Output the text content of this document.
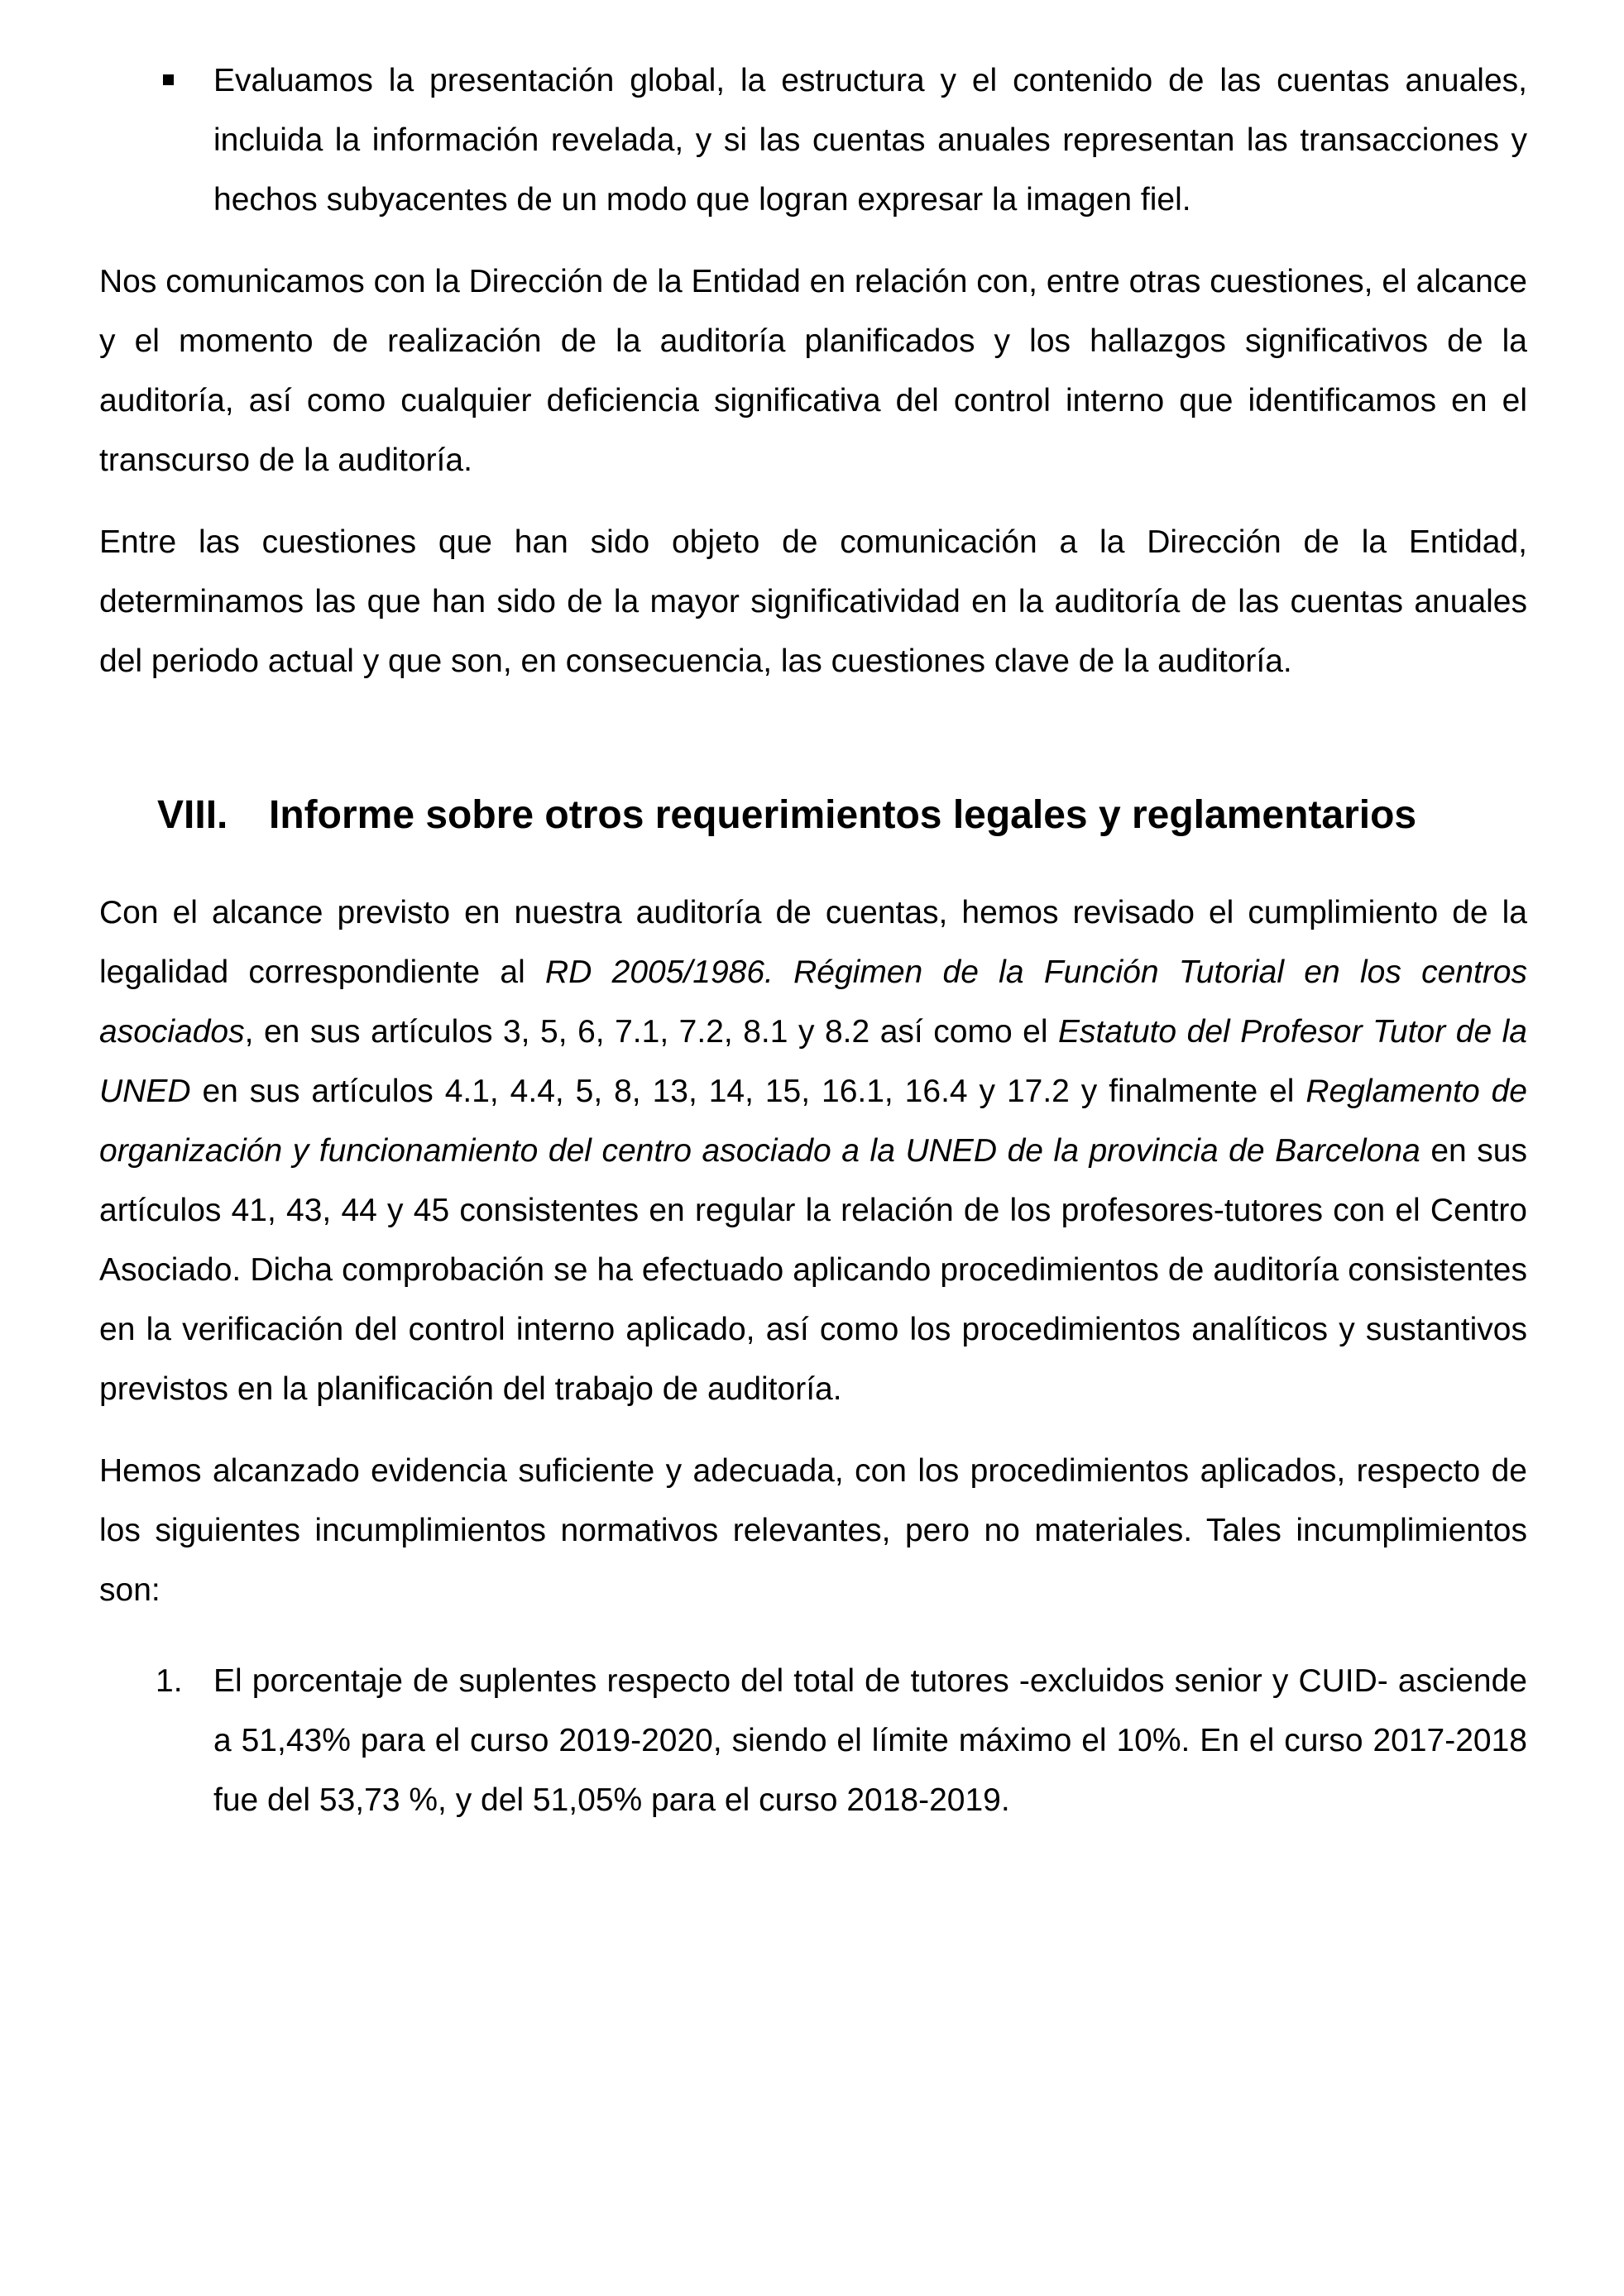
Evaluamos la presentación global, la estructura y el contenido de las cuentas anuales, incluida la información revelada, y si las cuentas anuales representan las transacciones y hechos subyacentes de un modo que logran expresar la imagen fiel.

Nos comunicamos con la Dirección de la Entidad en relación con, entre otras cuestiones, el alcance y el momento de realización de la auditoría planificados y los hallazgos significativos de la auditoría, así como cualquier deficiencia significativa del control interno que identificamos en el transcurso de la auditoría.

Entre las cuestiones que han sido objeto de comunicación a la Dirección de la Entidad, determinamos las que han sido de la mayor significatividad en la auditoría de las cuentas anuales del periodo actual y que son, en consecuencia, las cuestiones clave de la auditoría.

VIII. Informe sobre otros requerimientos legales y reglamentarios

Con el alcance previsto en nuestra auditoría de cuentas, hemos revisado el cumplimiento de la legalidad correspondiente al RD 2005/1986. Régimen de la Función Tutorial en los centros asociados, en sus artículos 3, 5, 6, 7.1, 7.2, 8.1 y 8.2 así como el Estatuto del Profesor Tutor de la UNED en sus artículos 4.1, 4.4, 5, 8, 13, 14, 15, 16.1, 16.4 y 17.2 y finalmente el Reglamento de organización y funcionamiento del centro asociado a la UNED de la provincia de Barcelona en sus artículos 41, 43, 44 y 45 consistentes en regular la relación de los profesores-tutores con el Centro Asociado. Dicha comprobación se ha efectuado aplicando procedimientos de auditoría consistentes en la verificación del control interno aplicado, así como los procedimientos analíticos y sustantivos previstos en la planificación del trabajo de auditoría.

Hemos alcanzado evidencia suficiente y adecuada, con los procedimientos aplicados, respecto de los siguientes incumplimientos normativos relevantes, pero no materiales. Tales incumplimientos son:

1. El porcentaje de suplentes respecto del total de tutores -excluidos senior y CUID- asciende a 51,43% para el curso 2019-2020, siendo el límite máximo el 10%. En el curso 2017-2018 fue del 53,73 %, y del 51,05% para el curso 2018-2019.
